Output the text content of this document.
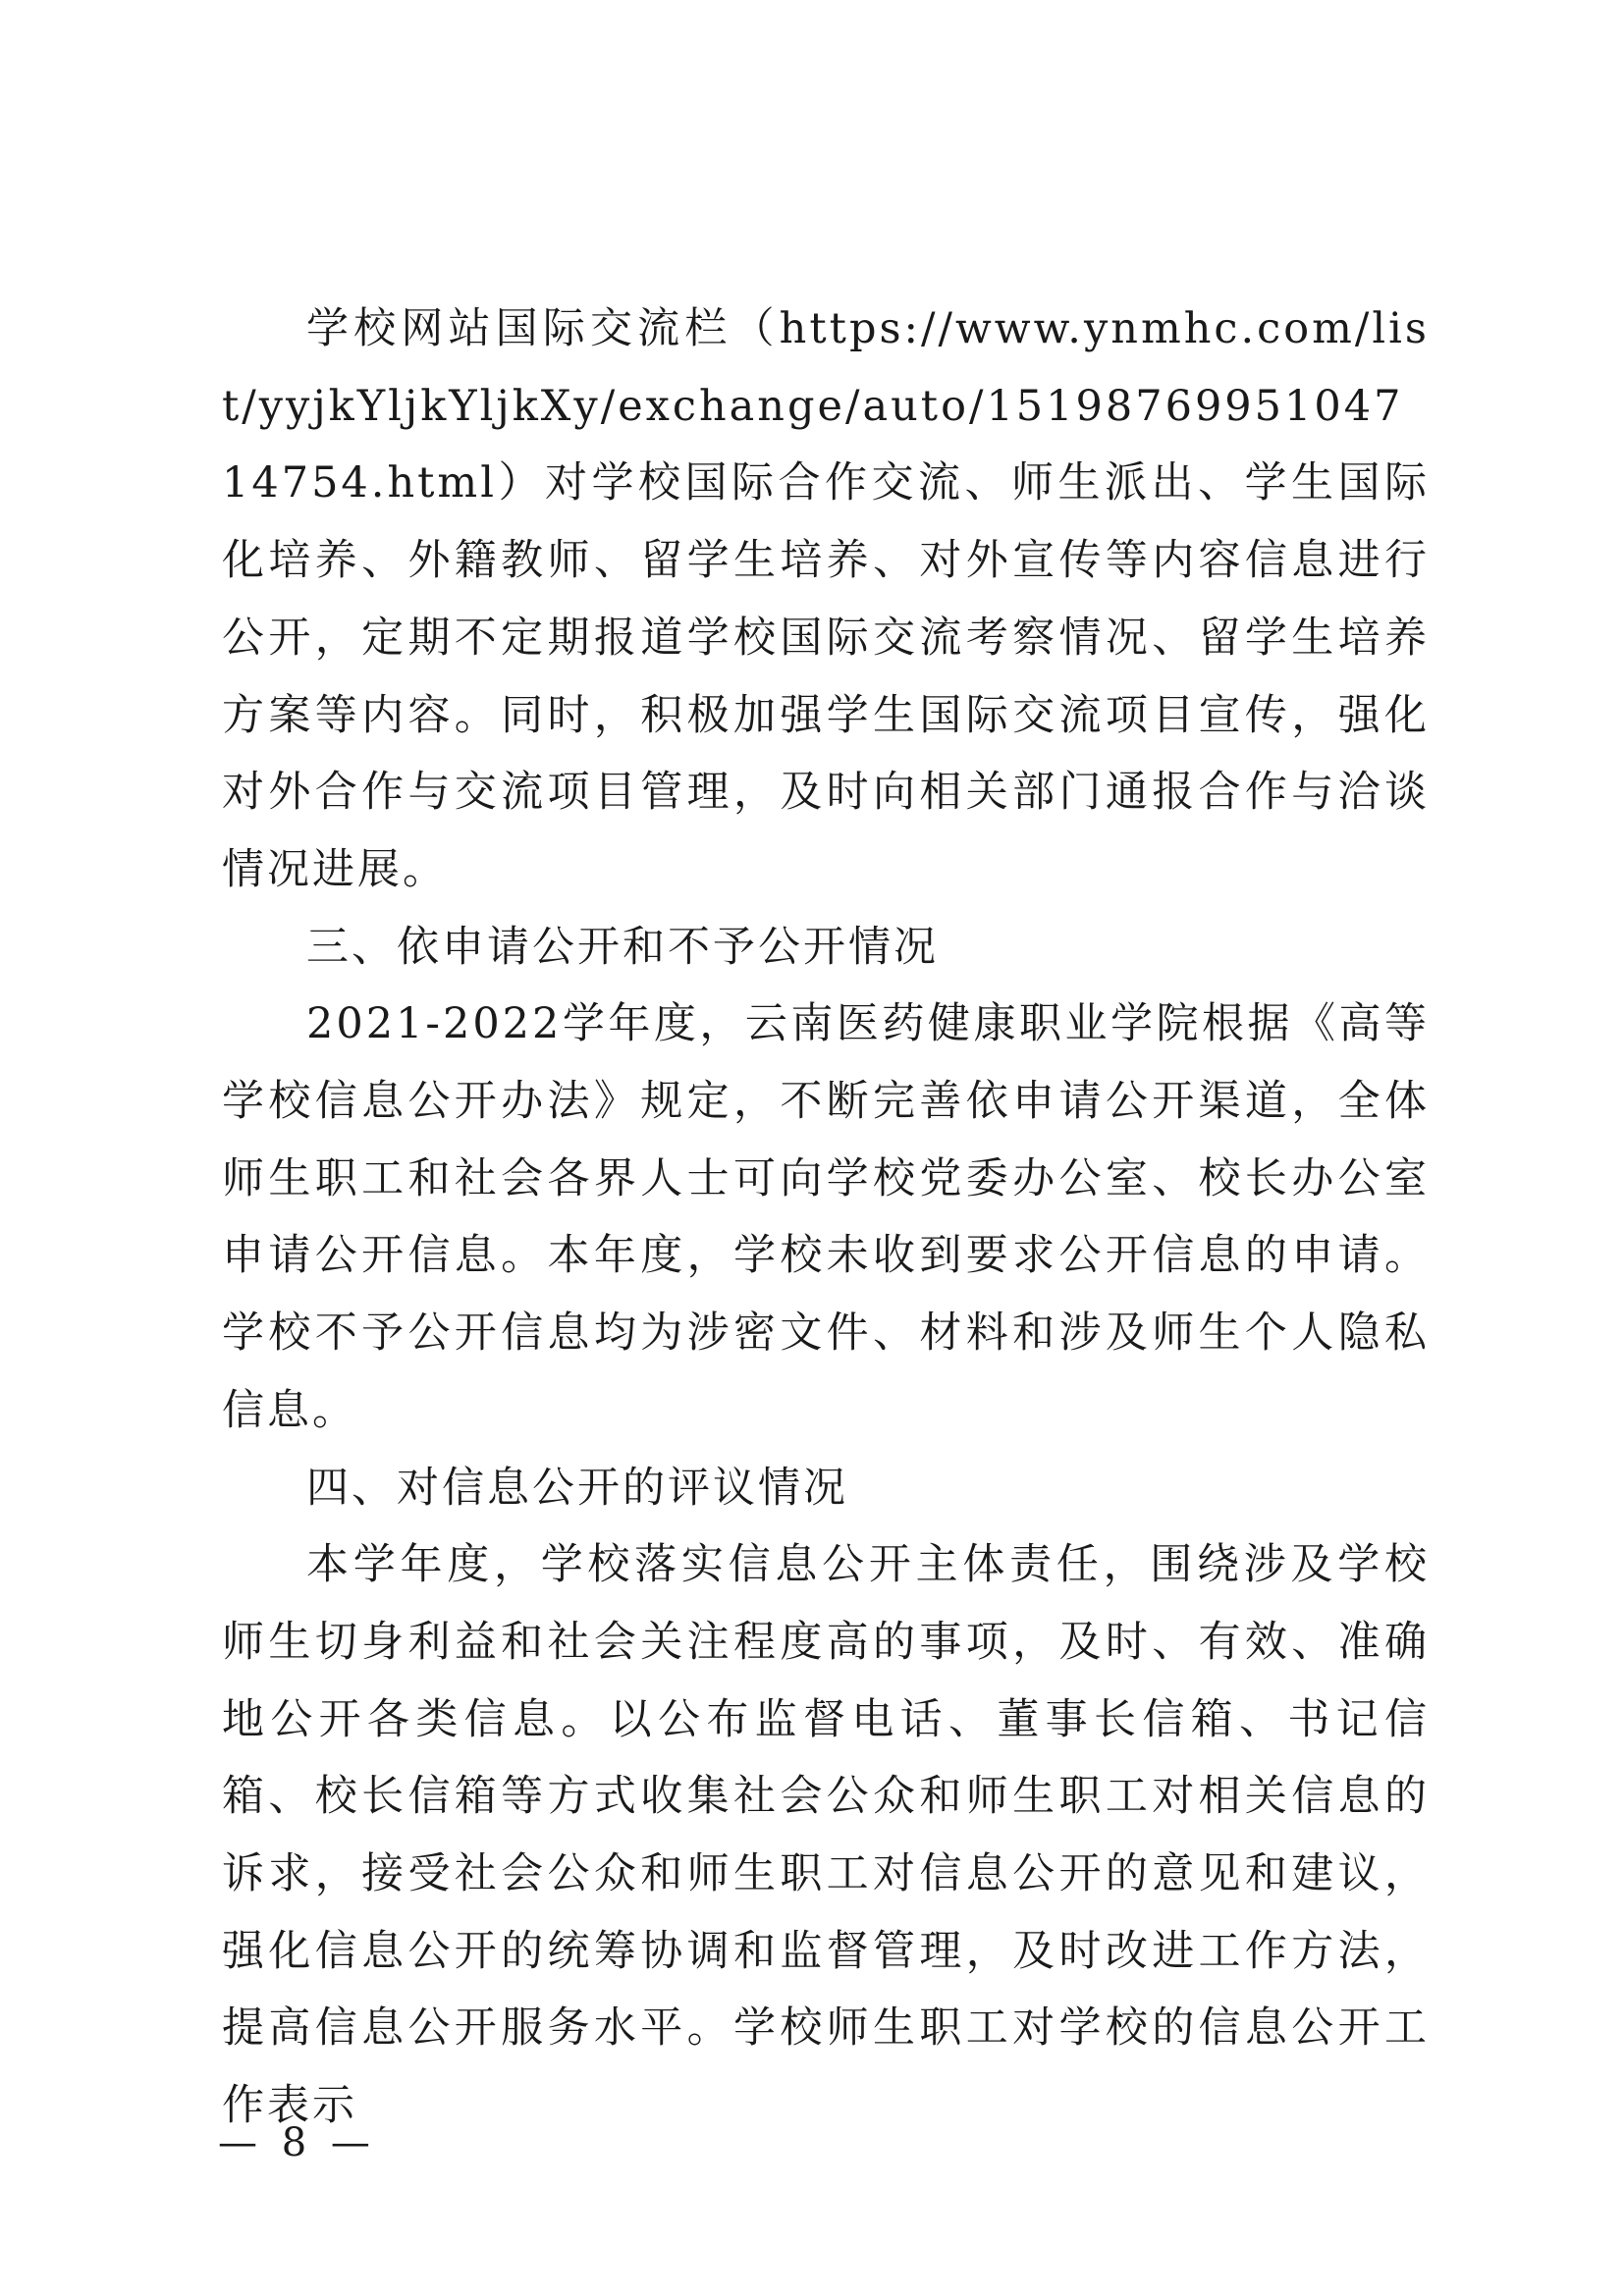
学校网站国际交流栏（https://www.ynmhc.com/list/yyjkYljkYljkXy/exchange/auto/1519876995104714754.html）对学校国际合作交流、师生派出、学生国际化培养、外籍教师、留学生培养、对外宣传等内容信息进行公开，定期不定期报道学校国际交流考察情况、留学生培养方案等内容。同时，积极加强学生国际交流项目宣传，强化对外合作与交流项目管理，及时向相关部门通报合作与洽谈情况进展。

三、依申请公开和不予公开情况

2021-2022学年度，云南医药健康职业学院根据《高等学校信息公开办法》规定，不断完善依申请公开渠道，全体师生职工和社会各界人士可向学校党委办公室、校长办公室申请公开信息。本年度，学校未收到要求公开信息的申请。学校不予公开信息均为涉密文件、材料和涉及师生个人隐私信息。

四、对信息公开的评议情况

本学年度，学校落实信息公开主体责任，围绕涉及学校师生切身利益和社会关注程度高的事项，及时、有效、准确地公开各类信息。以公布监督电话、董事长信箱、书记信箱、校长信箱等方式收集社会公众和师生职工对相关信息的诉求，接受社会公众和师生职工对信息公开的意见和建议，强化信息公开的统筹协调和监督管理，及时改进工作方法，提高信息公开服务水平。学校师生职工对学校的信息公开工作表示

— 8 —
